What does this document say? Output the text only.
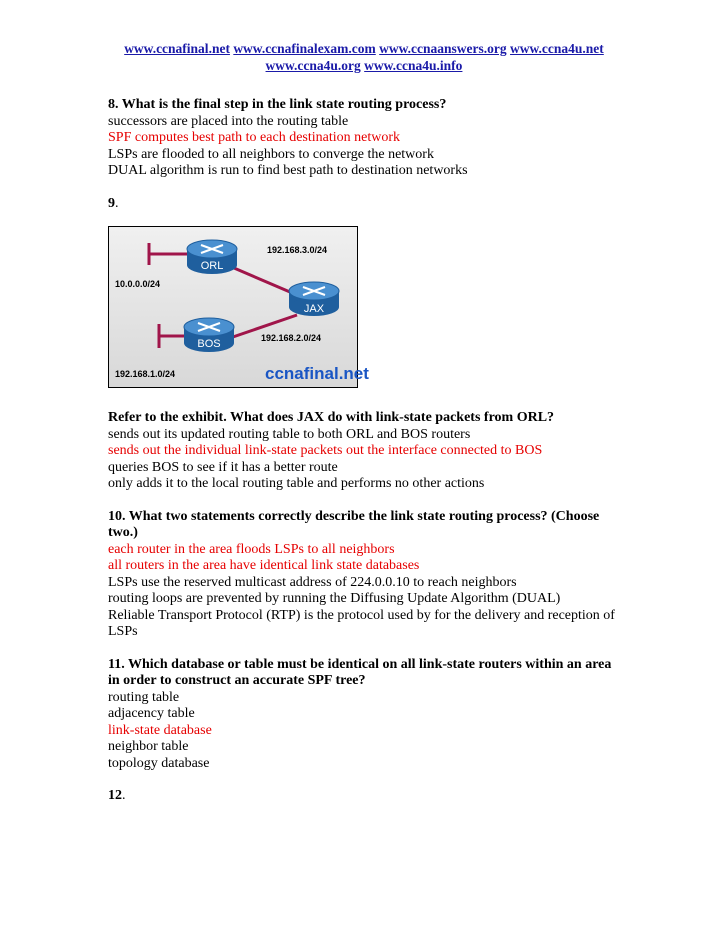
www.ccnafinal.net www.ccnafinalexam.com www.ccnaanswers.org www.ccna4u.net
www.ccna4u.org www.ccna4u.info
8. What is the final step in the link state routing process?
successors are placed into the routing table
SPF computes best path to each destination network
LSPs are flooded to all neighbors to converge the network
DUAL algorithm is run to find best path to destination networks
9.
ORL
BOS
JAX
192.168.3.0/24
10.0.0.0/24
192.168.2.0/24
192.168.1.0/24	ccnafinal.net
Refer to the exhibit. What does JAX do with link-state packets from ORL?
sends out its updated routing table to both ORL and BOS routers
sends out the individual link-state packets out the interface connected to BOS
queries BOS to see if it has a better route
only adds it to the local routing table and performs no other actions
10. What two statements correctly describe the link state routing process? (Choose two.)
each router in the area floods LSPs to all neighbors
all routers in the area have identical link state databases
LSPs use the reserved multicast address of 224.0.0.10 to reach neighbors
routing loops are prevented by running the Diffusing Update Algorithm (DUAL)
Reliable Transport Protocol (RTP) is the protocol used by for the delivery and reception of LSPs
11. Which database or table must be identical on all link-state routers within an area in order to construct an accurate SPF tree?
routing table
adjacency table
link-state database
neighbor table
topology database
12.
